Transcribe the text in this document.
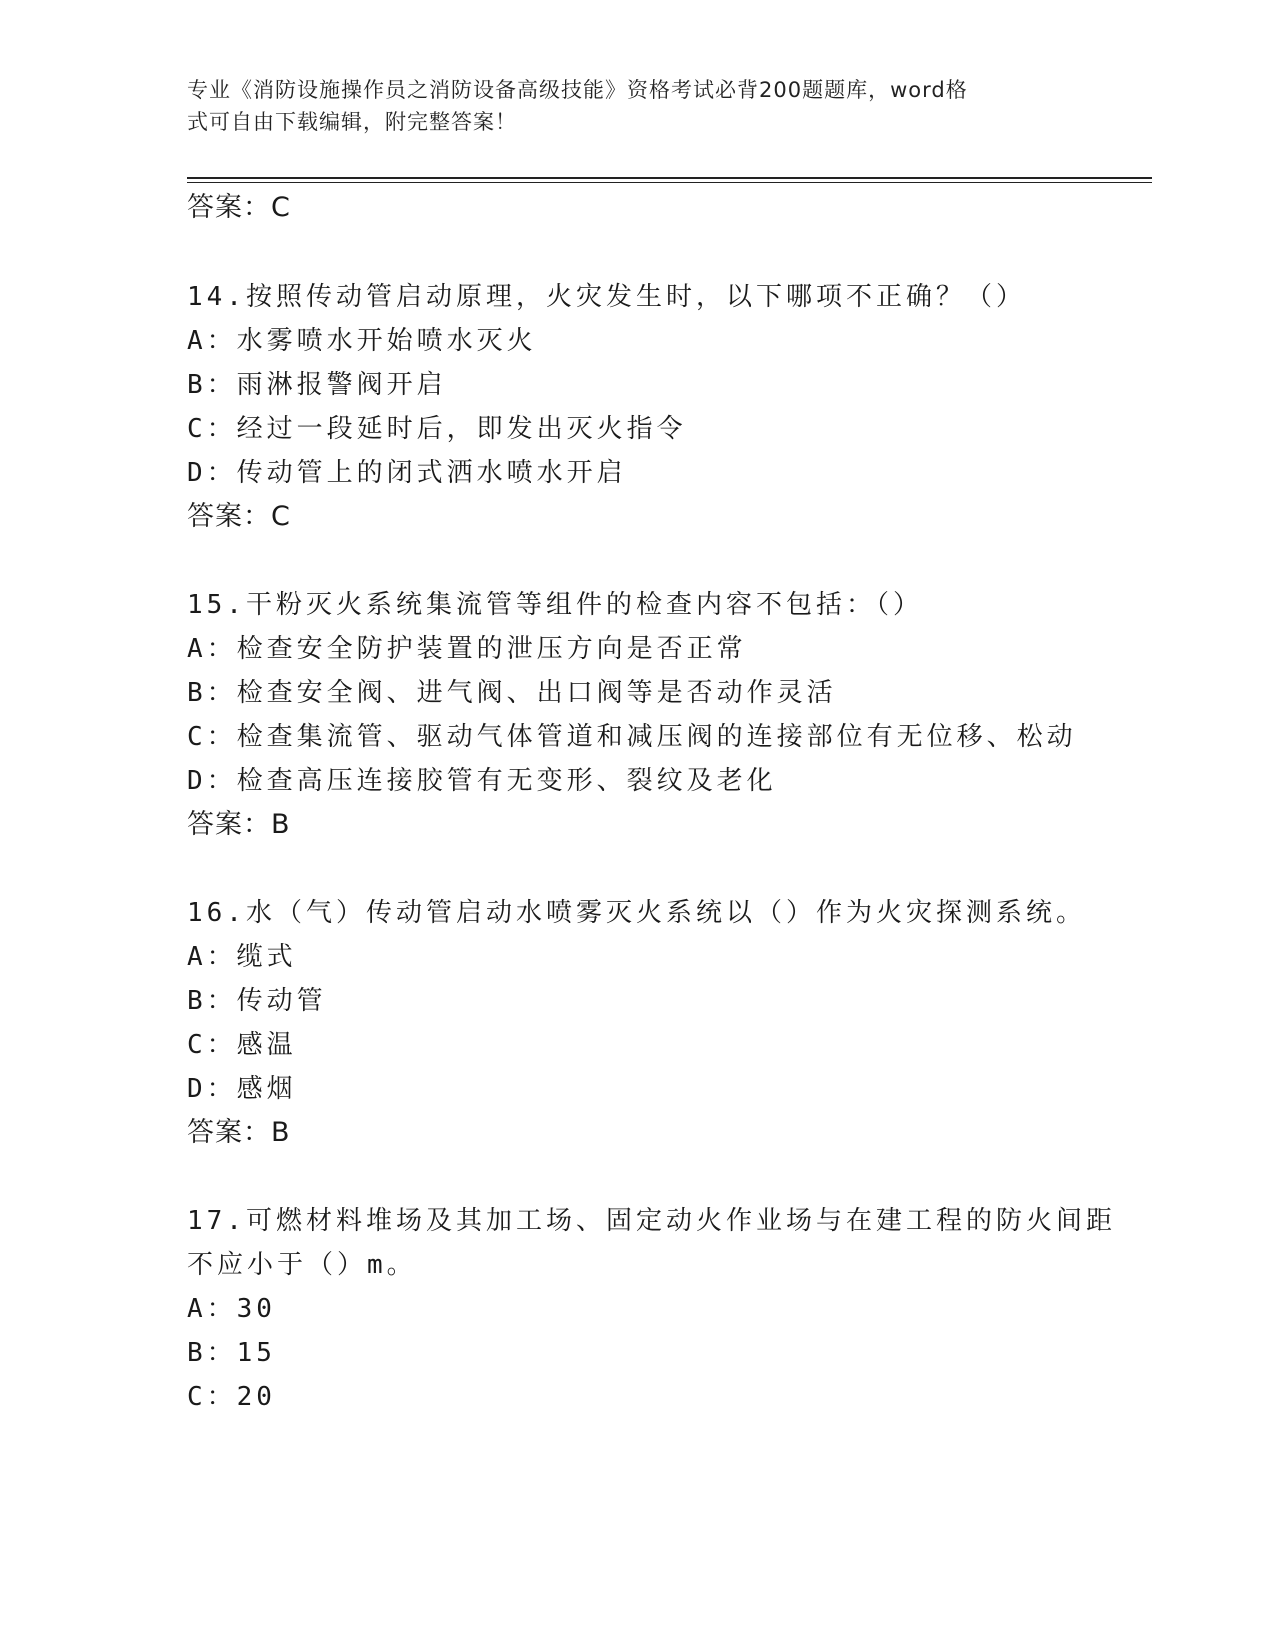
专业《消防设施操作员之消防设备高级技能》资格考试必背200题题库，word格
式可自由下载编辑，附完整答案！
答案：C
14.按照传动管启动原理，火灾发生时，以下哪项不正确？（）
A：水雾喷水开始喷水灭火
B：雨淋报警阀开启
C：经过一段延时后，即发出灭火指令
D：传动管上的闭式洒水喷水开启
答案：C
15.干粉灭火系统集流管等组件的检查内容不包括：（）
A：检查安全防护装置的泄压方向是否正常
B：检查安全阀、进气阀、出口阀等是否动作灵活
C：检查集流管、驱动气体管道和减压阀的连接部位有无位移、松动
D：检查高压连接胶管有无变形、裂纹及老化
答案：B
16.水（气）传动管启动水喷雾灭火系统以（）作为火灾探测系统。
A：缆式
B：传动管
C：感温
D：感烟
答案：B
17.可燃材料堆场及其加工场、固定动火作业场与在建工程的防火间距
不应小于（）m。
A：30
B：15
C：20
